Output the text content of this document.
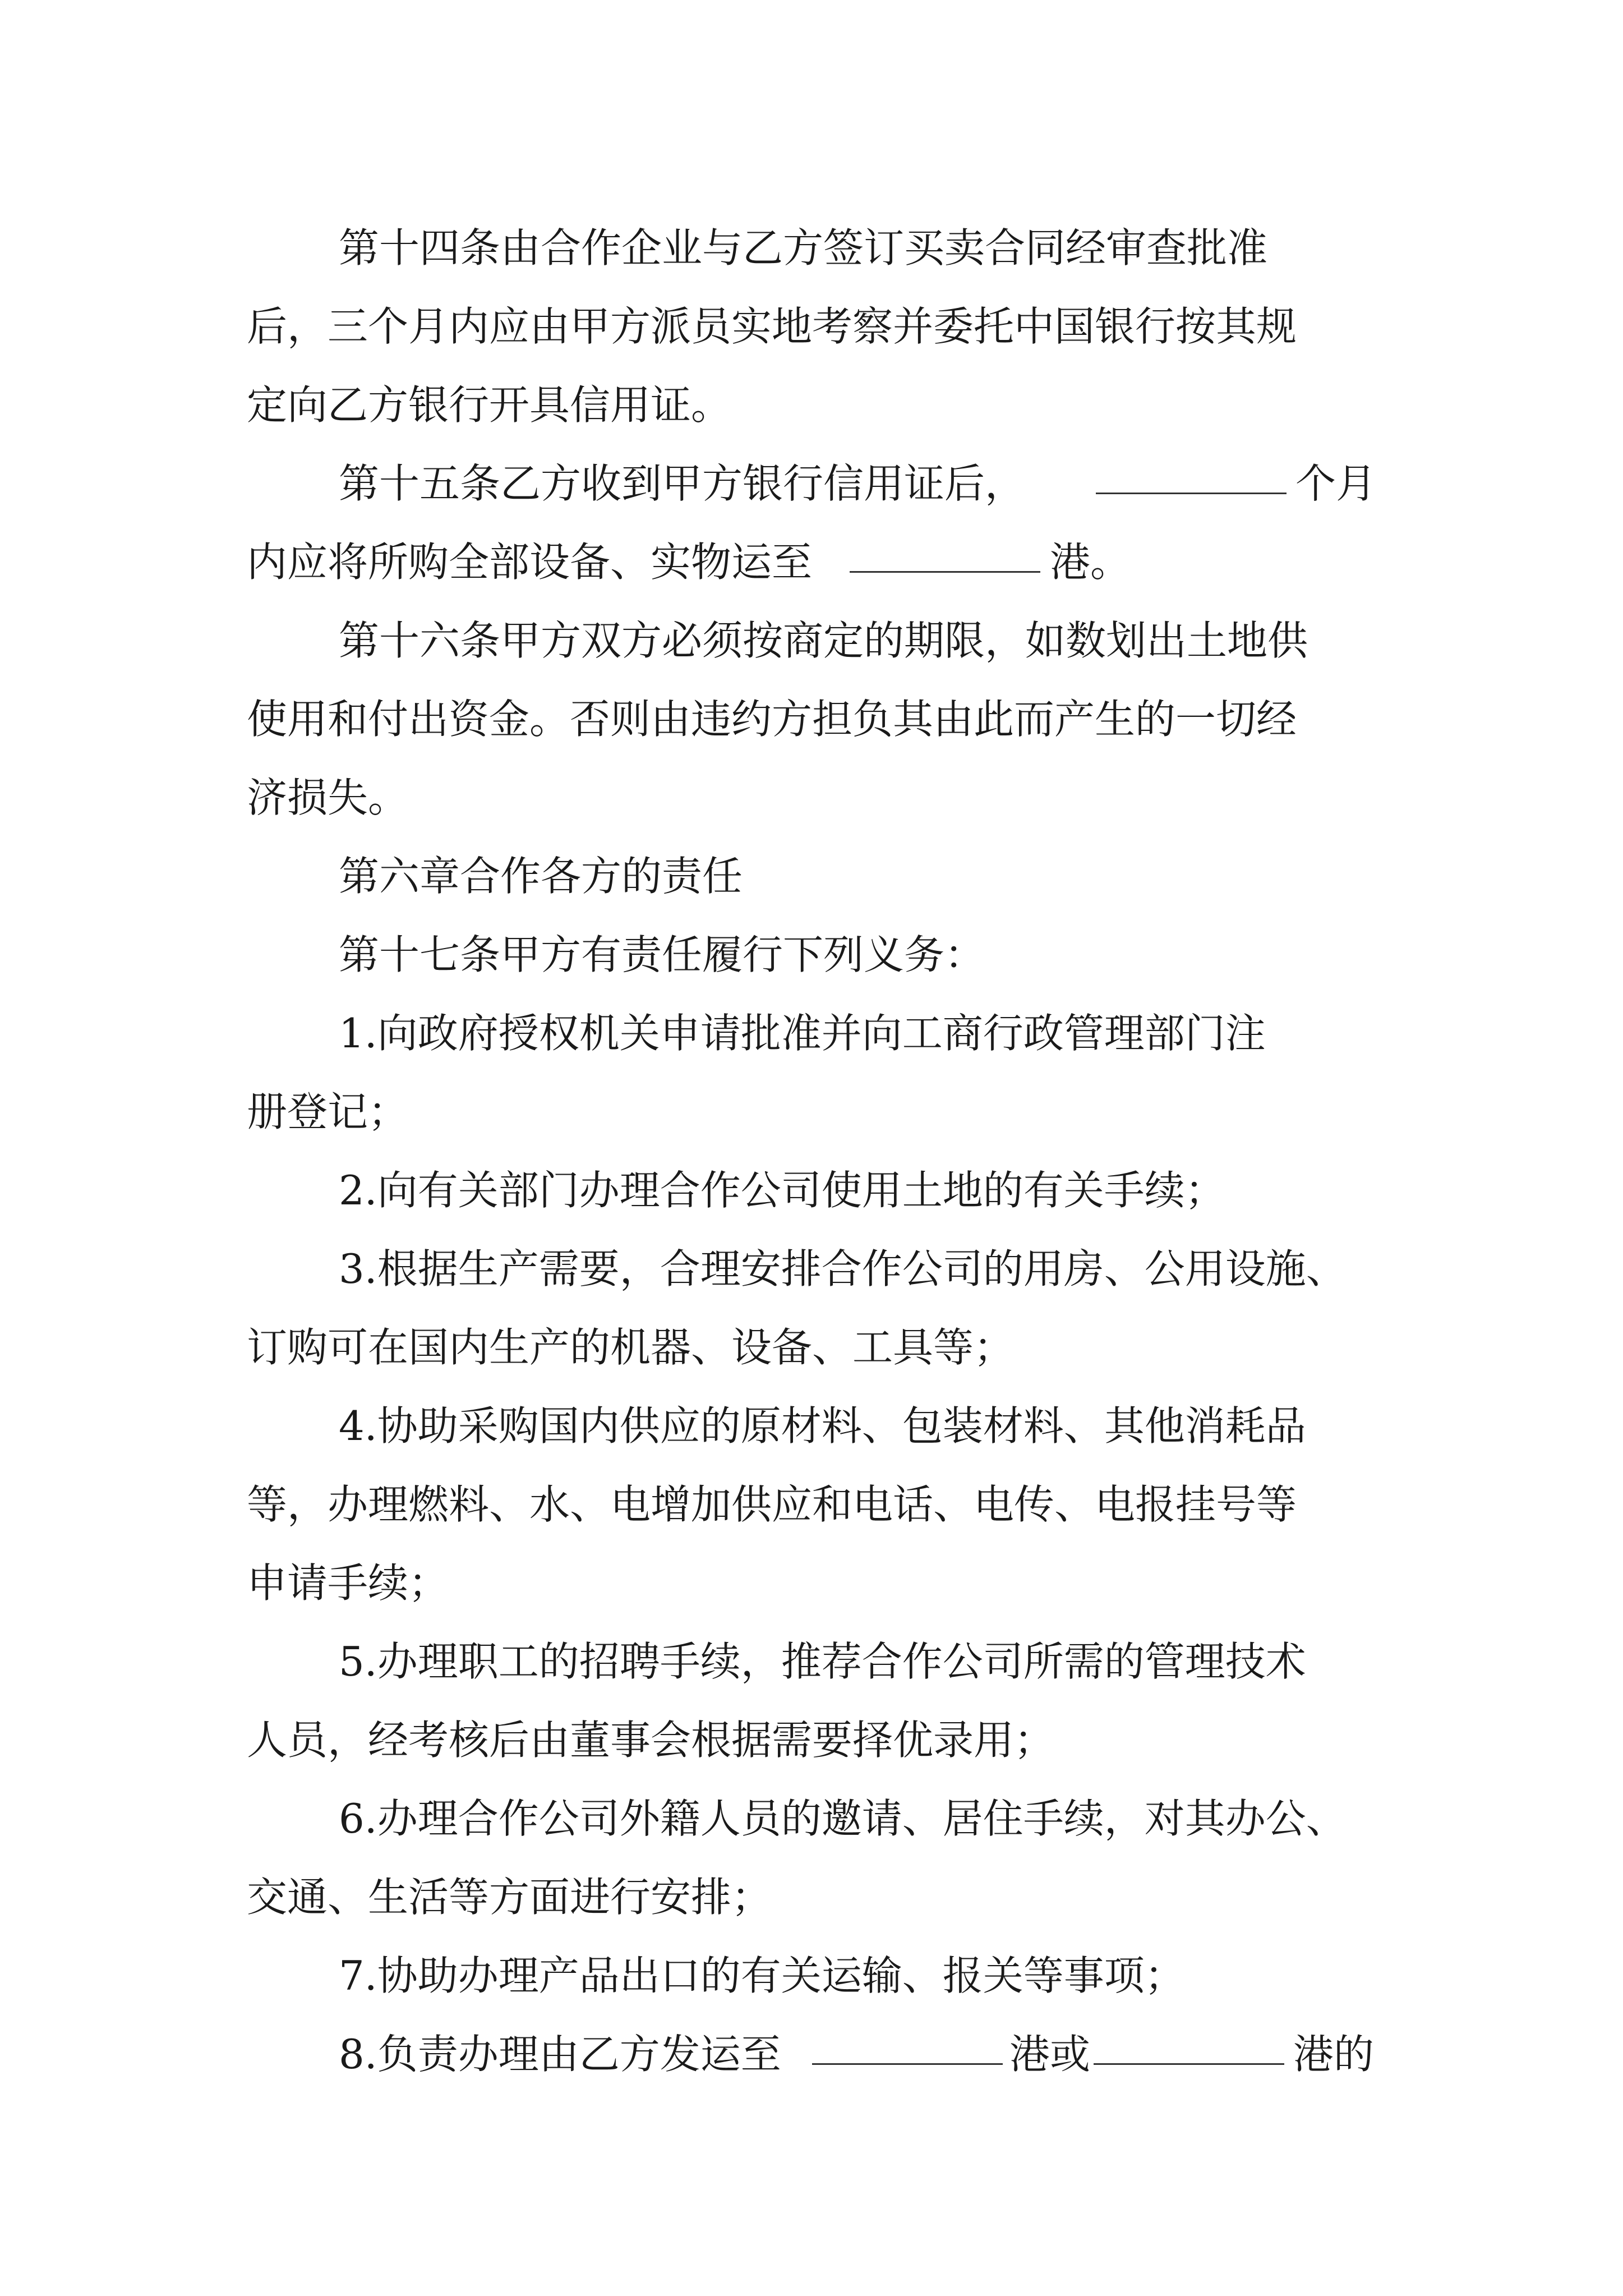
第十四条由合作企业与乙方签订买卖合同经审查批准
后，三个月内应由甲方派员实地考察并委托中国银行按其规
定向乙方银行开具信用证。
第十五条乙方收到甲方银行信用证后，	个月
内应将所购全部设备、实物运至	港。
第十六条甲方双方必须按商定的期限，如数划出土地供
使用和付出资金。否则由违约方担负其由此而产生的一切经
济损失。
第六章合作各方的责任
第十七条甲方有责任履行下列义务：
1.向政府授权机关申请批准并向工商行政管理部门注
册登记；
2.向有关部门办理合作公司使用土地的有关手续；
3.根据生产需要，合理安排合作公司的用房、公用设施、
订购可在国内生产的机器、设备、工具等；
4.协助采购国内供应的原材料、包装材料、其他消耗品
等，办理燃料、水、电增加供应和电话、电传、电报挂号等
申请手续；
5.办理职工的招聘手续，推荐合作公司所需的管理技术
人员，经考核后由董事会根据需要择优录用；
6.办理合作公司外籍人员的邀请、居住手续，对其办公、
交通、生活等方面进行安排；
7.协助办理产品出口的有关运输、报关等事项；
8.负责办理由乙方发运至	港或	港的
